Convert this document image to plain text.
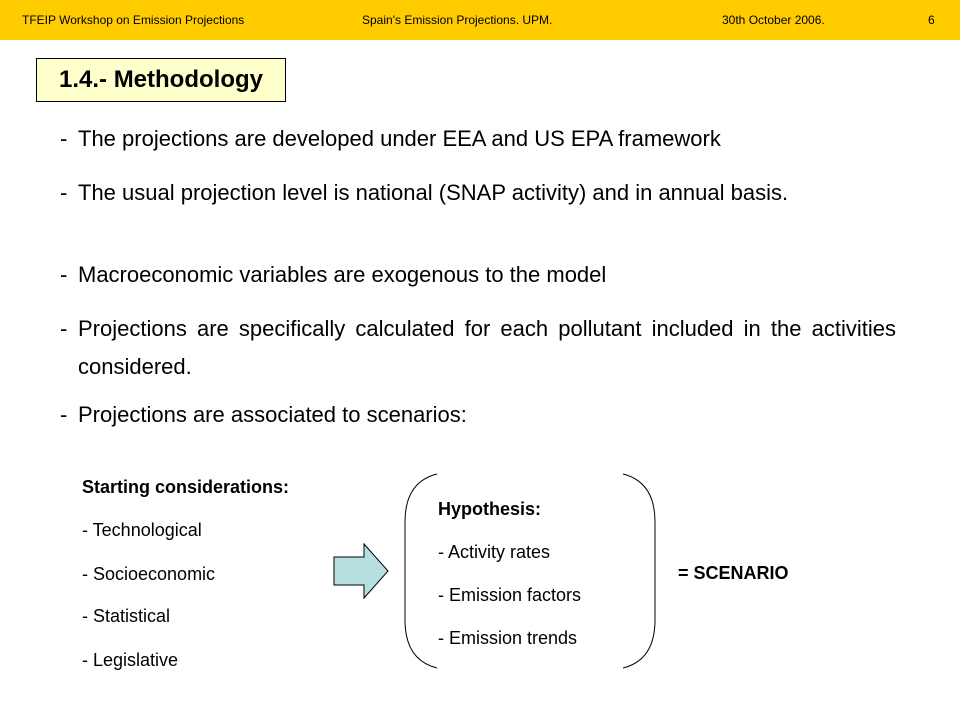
TFEIP Workshop on Emission Projections	Spain's Emission Projections. UPM.	30th October 2006.	6
1.4.- Methodology
- The projections are developed under EEA and US EPA framework
- The usual projection level is national (SNAP activity) and in annual basis.
- Macroeconomic variables are exogenous to the model
- Projections are specifically calculated for each pollutant included in the activities considered.
- Projections are associated to scenarios:
Starting considerations:
- Technological
- Socioeconomic
- Statistical
- Legislative
Hypothesis:
- Activity rates
- Emission factors
- Emission trends
= SCENARIO
